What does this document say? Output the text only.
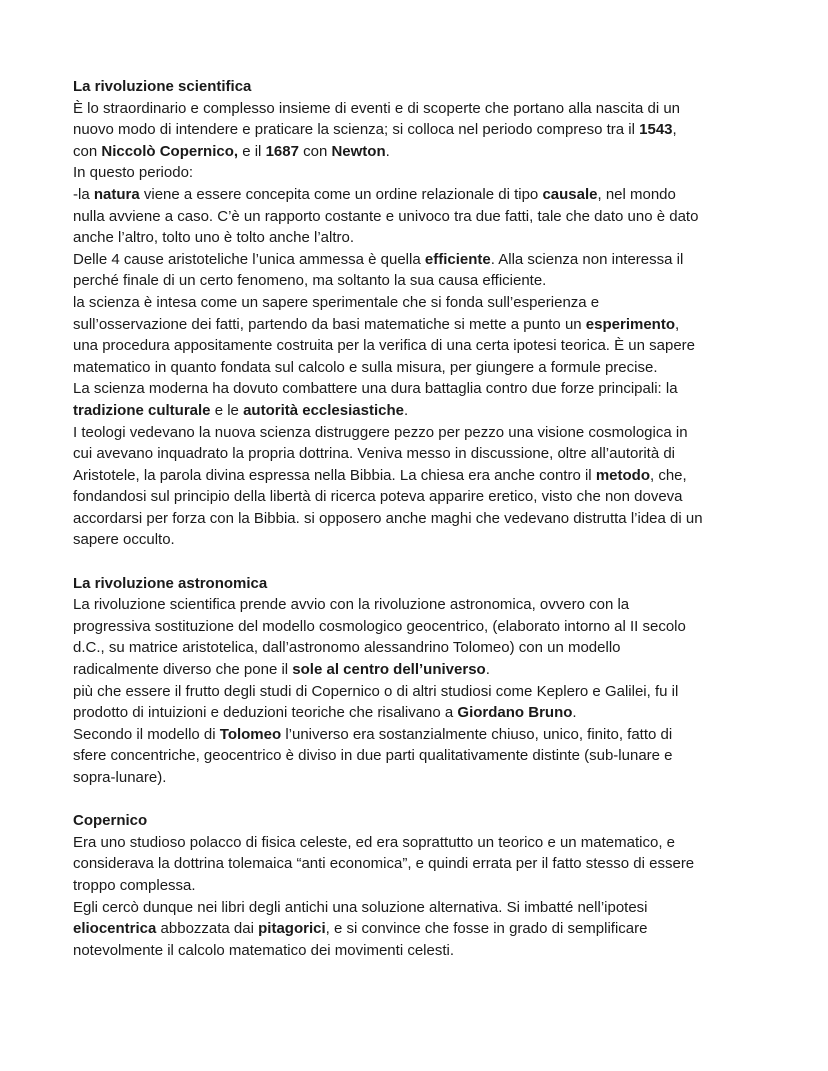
La rivoluzione scientifica
È lo straordinario e complesso insieme di eventi e di scoperte che portano alla nascita di un
nuovo modo di intendere e praticare la scienza; si colloca nel periodo compreso tra il 1543,
con Niccolò Copernico, e il 1687 con Newton.
In questo periodo:
-la natura viene a essere concepita come un ordine relazionale di tipo causale, nel mondo
nulla avviene a caso. C’è un rapporto costante e univoco tra due fatti, tale che dato uno è dato
anche l’altro, tolto uno è tolto anche l’altro.
Delle 4 cause aristoteliche l’unica ammessa è quella efficiente. Alla scienza non interessa il
perché finale di un certo fenomeno, ma soltanto la sua causa efficiente.
la scienza è intesa come un sapere sperimentale che si fonda sull’esperienza e
sull’osservazione dei fatti, partendo da basi matematiche si mette a punto un esperimento,
una procedura appositamente costruita per la verifica di una certa ipotesi teorica. È un sapere
matematico in quanto fondata sul calcolo e sulla misura, per giungere a formule precise.
La scienza moderna ha dovuto combattere una dura battaglia contro due forze principali: la
tradizione culturale e le autorità ecclesiastiche.
I teologi vedevano la nuova scienza distruggere pezzo per pezzo una visione cosmologica in
cui avevano inquadrato la propria dottrina. Veniva messo in discussione, oltre all’autorità di
Aristotele, la parola divina espressa nella Bibbia. La chiesa era anche contro il metodo, che,
fondandosi sul principio della libertà di ricerca poteva apparire eretico, visto che non doveva
accordarsi per forza con la Bibbia. si opposero anche maghi che vedevano distrutta l’idea di un
sapere occulto.
La rivoluzione astronomica
La rivoluzione scientifica prende avvio con la rivoluzione astronomica, ovvero con la
progressiva sostituzione del modello cosmologico geocentrico, (elaborato intorno al II secolo
d.C., su matrice aristotelica, dall’astronomo alessandrino Tolomeo) con un modello
radicalmente diverso che pone il sole al centro dell’universo.
più che essere il frutto degli studi di Copernico o di altri studiosi come Keplero e Galilei, fu il
prodotto di intuizioni e deduzioni teoriche che risalivano a Giordano Bruno.
Secondo il modello di Tolomeo l’universo era sostanzialmente chiuso, unico, finito, fatto di
sfere concentriche, geocentrico è diviso in due parti qualitativamente distinte (sub-lunare e
sopra-lunare).
Copernico
Era uno studioso polacco di fisica celeste, ed era soprattutto un teorico e un matematico, e
considerava la dottrina tolemaica “anti economica”, e quindi errata per il fatto stesso di essere
troppo complessa.
Egli cercò dunque nei libri degli antichi una soluzione alternativa. Si imbatté nell’ipotesi
eliocentrica abbozzata dai pitagorici, e si convince che fosse in grado di semplificare
notevolmente il calcolo matematico dei movimenti celesti.
